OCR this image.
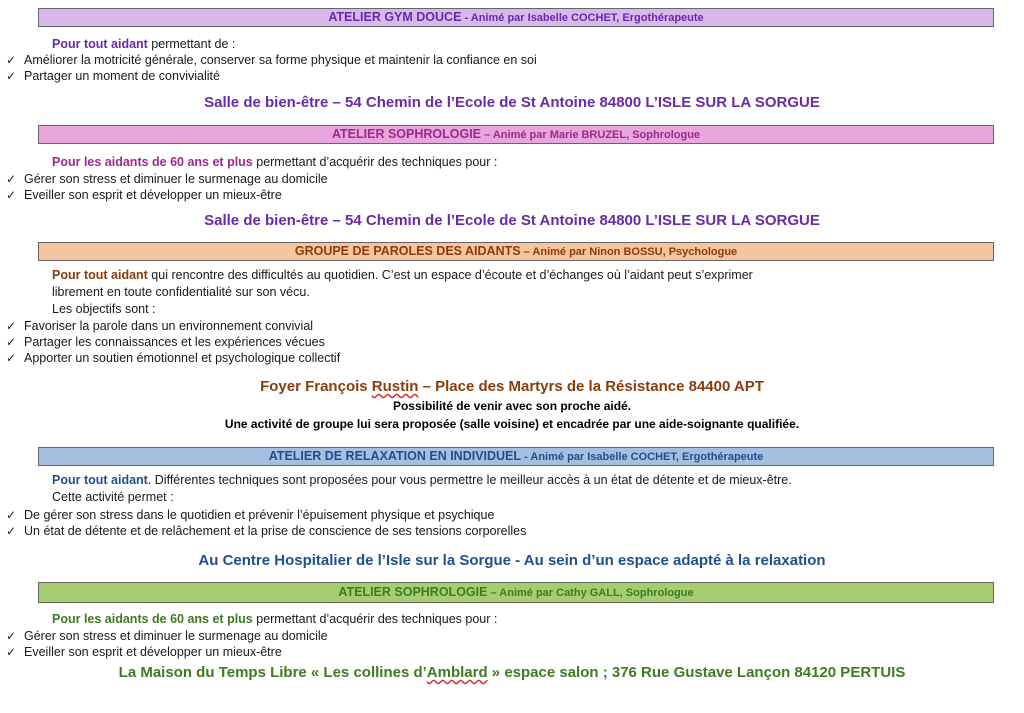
ATELIER GYM DOUCE - Animé par Isabelle COCHET, Ergothérapeute
Pour tout aidant permettant de :
✓ Améliorer la motricité générale, conserver sa forme physique et maintenir la confiance en soi
✓ Partager un moment de convivialité
Salle de bien-être – 54 Chemin de l’Ecole de St Antoine 84800 L’ISLE SUR LA SORGUE
ATELIER SOPHROLOGIE – Animé par Marie BRUZEL, Sophrologue
Pour les aidants de 60 ans et plus permettant d’acquérir des techniques pour :
✓ Gérer son stress et diminuer le surmenage au domicile
✓ Eveiller son esprit et développer un mieux-être
Salle de bien-être – 54 Chemin de l’Ecole de St Antoine 84800 L’ISLE SUR LA SORGUE
GROUPE DE PAROLES DES AIDANTS – Animé par Ninon BOSSU, Psychologue
Pour tout aidant qui rencontre des difficultés au quotidien. C’est un espace d’écoute et d’échanges où l’aidant peut s’exprimer
librement en toute confidentialité sur son vécu.
Les objectifs sont :
✓ Favoriser la parole dans un environnement convivial
✓ Partager les connaissances et les expériences vécues
✓ Apporter un soutien émotionnel et psychologique collectif
Foyer François Rustin – Place des Martyrs de la Résistance 84400 APT
Possibilité de venir avec son proche aidé.
Une activité de groupe lui sera proposée (salle voisine) et encadrée par une aide-soignante qualifiée.
ATELIER DE RELAXATION EN INDIVIDUEL - Animé par Isabelle COCHET, Ergothérapeute
Pour tout aidant. Différentes techniques sont proposées pour vous permettre le meilleur accès à un état de détente et de mieux-être.
Cette activité permet :
✓ De gérer son stress dans le quotidien et prévenir l’épuisement physique et psychique
✓ Un état de détente et de relâchement et la prise de conscience de ses tensions corporelles
Au Centre Hospitalier de l’Isle sur la Sorgue - Au sein d’un espace adapté à la relaxation
ATELIER SOPHROLOGIE – Animé par Cathy GALL, Sophrologue
Pour les aidants de 60 ans et plus permettant d’acquérir des techniques pour :
✓ Gérer son stress et diminuer le surmenage au domicile
✓ Eveiller son esprit et développer un mieux-être
La Maison du Temps Libre « Les collines d’Amblard » espace salon ; 376 Rue Gustave Lançon 84120 PERTUIS
